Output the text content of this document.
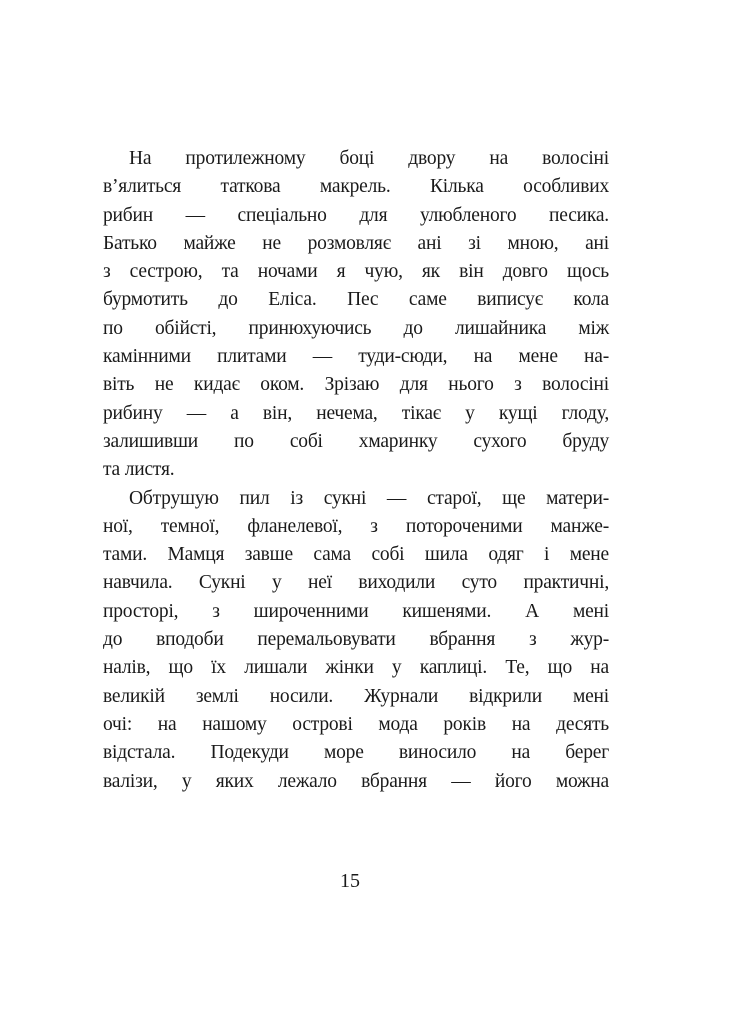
На протилежному боці двору на волосіні
в’ялиться таткова макрель. Кілька особливих
рибин — спеціально для улюбленого песика.
Батько майже не розмовляє ані зі мною, ані
з сестрою, та ночами я чую, як він довго щось
бурмотить до Еліса. Пес саме виписує кола
по обійсті, принюхуючись до лишайника між
камінними плитами — туди-сюди, на мене на-
віть не кидає оком. Зрізаю для нього з волосіні
рибину — а він, нечема, тікає у кущі глоду,
залишивши по собі хмаринку сухого бруду
та листя.
Обтрушую пил із сукні — старої, ще матери-
ної, темної, фланелевої, з потороченими манже-
тами. Мамця завше сама собі шила одяг і мене
навчила. Сукні у неї виходили суто практичні,
просторі, з широченними кишенями. А мені
до вподоби перемальовувати вбрання з жур-
налів, що їх лишали жінки у каплиці. Те, що на
великій землі носили. Журнали відкрили мені
очі: на нашому острові мода років на десять
відстала. Подекуди море виносило на берег
валізи, у яких лежало вбрання — його можна
15
